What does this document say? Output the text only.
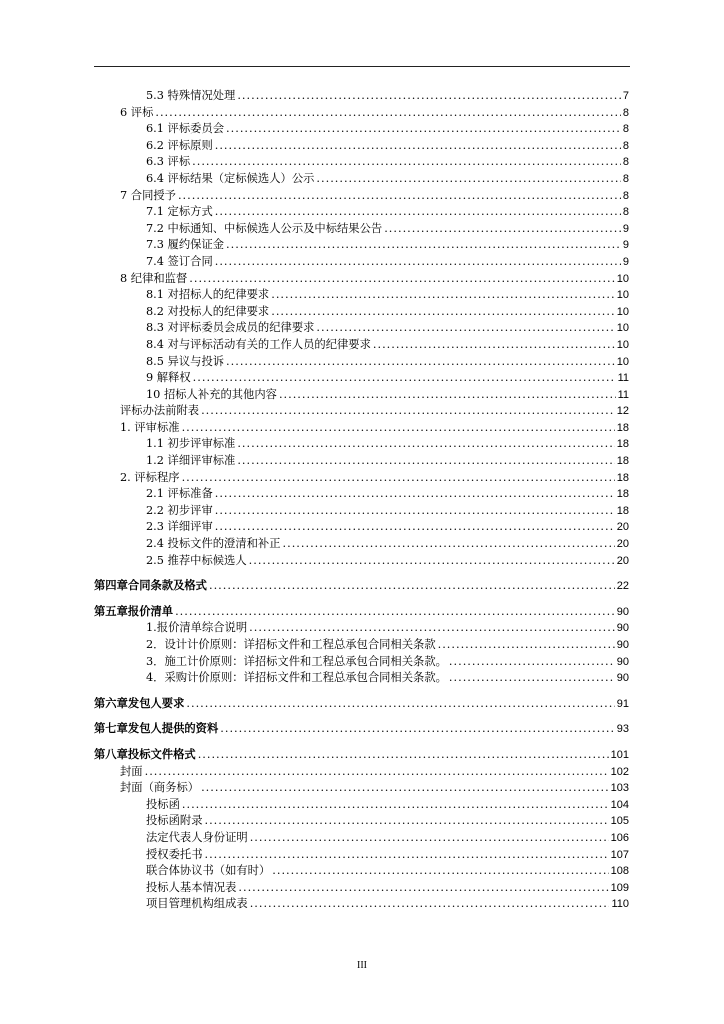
5.3 特殊情况处理 .....	7
6 评标 .....	8
6.1 评标委员会 .....	8
6.2 评标原则 .....	8
6.3 评标 .....	8
6.4 评标结果（定标候选人）公示 .....	8
7 合同授予 .....	8
7.1 定标方式 .....	8
7.2 中标通知、中标候选人公示及中标结果公告 .....	9
7.3 履约保证金 .....	9
7.4 签订合同 .....	9
8 纪律和监督 .....	10
8.1 对招标人的纪律要求 .....	10
8.2 对投标人的纪律要求 .....	10
8.3 对评标委员会成员的纪律要求 .....	10
8.4 对与评标活动有关的工作人员的纪律要求 .....	10
8.5 异议与投诉 .....	10
9 解释权 .....	11
10 招标人补充的其他内容 .....	11
评标办法前附表 .....	12
1. 评审标准 .....	18
1.1 初步评审标准 .....	18
1.2 详细评审标准 .....	18
2. 评标程序 .....	18
2.1 评标准备 .....	18
2.2 初步评审 .....	18
2.3 详细评审 .....	20
2.4 投标文件的澄清和补正 .....	20
2.5 推荐中标候选人 .....	20
第四章合同条款及格式 .....	22
第五章报价清单 .....	90
1.报价清单综合说明 .....	90
2．设计计价原则：详招标文件和工程总承包合同相关条款 .....	90
3．施工计价原则：详招标文件和工程总承包合同相关条款。 .....	90
4．采购计价原则：详招标文件和工程总承包合同相关条款。 .....	90
第六章发包人要求 .....	91
第七章发包人提供的资料 .....	93
第八章投标文件格式 .....	101
封面 .....	102
封面（商务标） .....	103
投标函 .....	104
投标函附录 .....	105
法定代表人身份证明 .....	106
授权委托书 .....	107
联合体协议书（如有时） .....	108
投标人基本情况表 .....	109
项目管理机构组成表 .....	110
III
